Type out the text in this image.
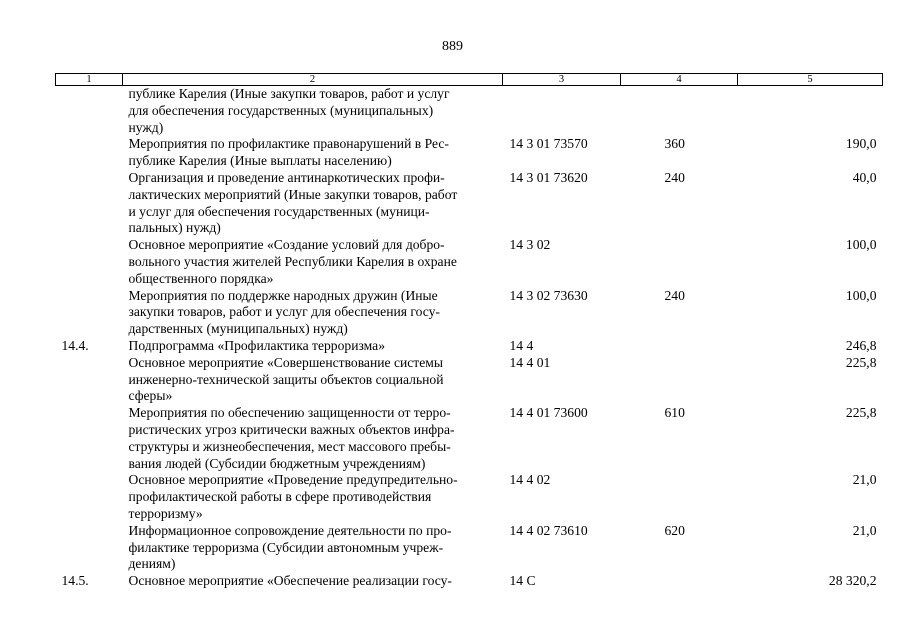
889
1	2	3	4	5
	публике Карелия (Иные закупки товаров, работ и услуг
для обеспечения государственных (муниципальных)
нужд)			
	Мероприятия по профилактике правонарушений в Рес-
публике Карелия (Иные выплаты населению)	14 3 01 73570	360	190,0
	Организация и проведение антинаркотических профи-
лактических мероприятий (Иные закупки товаров, работ
и услуг для обеспечения государственных (муници-
пальных) нужд)	14 3 01 73620	240	40,0
	Основное мероприятие «Создание условий для добро-
вольного участия жителей Республики Карелия в охране
общественного порядка»	14 3 02		100,0
	Мероприятия по поддержке народных дружин (Иные
закупки товаров, работ и услуг для обеспечения госу-
дарственных (муниципальных) нужд)	14 3 02 73630	240	100,0
14.4.	Подпрограмма «Профилактика терроризма»	14 4		246,8
	Основное мероприятие «Совершенствование системы
инженерно-технической защиты объектов социальной
сферы»	14 4 01		225,8
	Мероприятия по обеспечению защищенности от терро-
ристических угроз критически важных объектов инфра-
структуры и жизнеобеспечения, мест массового пребы-
вания людей (Субсидии бюджетным учреждениям)	14 4 01 73600	610	225,8
	Основное мероприятие «Проведение предупредительно-
профилактической работы в сфере противодействия
терроризму»	14 4 02		21,0
	Информационное сопровождение деятельности по про-
филактике терроризма (Субсидии автономным учреж-
дениям)	14 4 02 73610	620	21,0
14.5.	Основное мероприятие «Обеспечение реализации госу-	14 С		28 320,2
